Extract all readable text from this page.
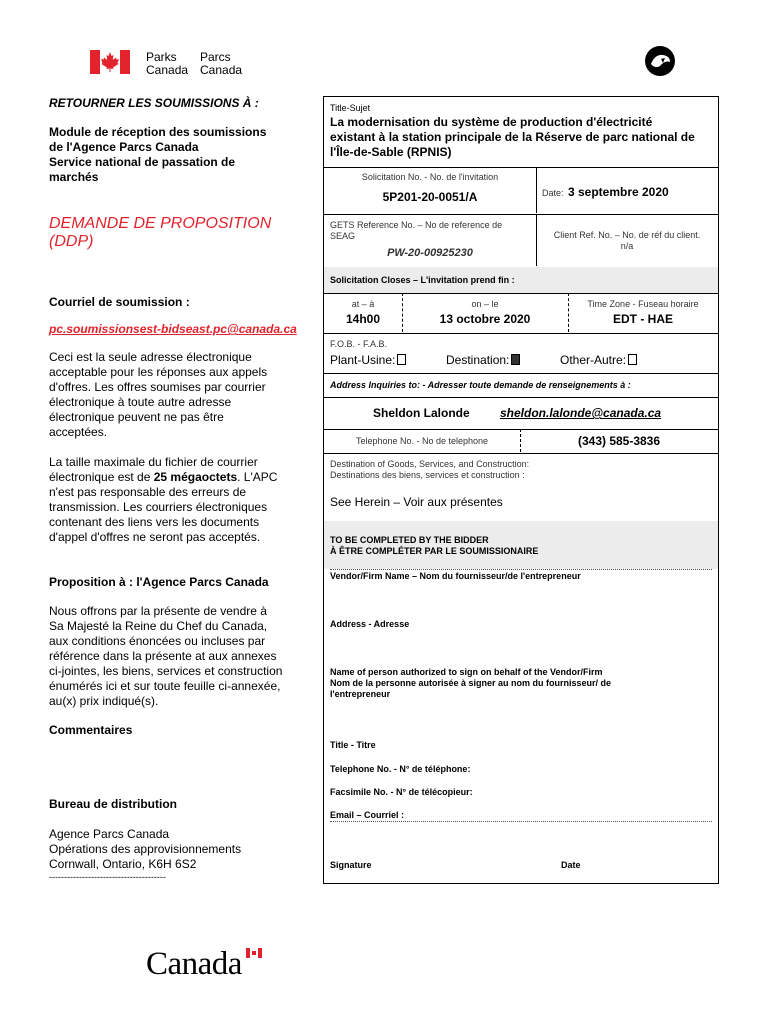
Parks
Canada
Parcs
Canada
RETOURNER LES SOUMISSIONS À :
Module de réception des soumissions
de l'Agence Parcs Canada
Service national de passation de
marchés
DEMANDE DE PROPOSITION
(DDP)
Courriel de soumission :
pc.soumissionsest-bidseast.pc@canada.ca
Ceci est la seule adresse électronique
acceptable pour les réponses aux appels
d'offres. Les offres soumises par courrier
électronique à toute autre adresse
électronique peuvent ne pas être
acceptées.
La taille maximale du fichier de courrier
électronique est de 25 mégaoctets. L'APC
n'est pas responsable des erreurs de
transmission. Les courriers électroniques
contenant des liens vers les documents
d'appel d'offres ne seront pas acceptés.
Proposition à : l'Agence Parcs Canada
Nous offrons par la présente de vendre à
Sa Majesté la Reine du Chef du Canada,
aux conditions énoncées ou incluses par
référence dans la présente at aux annexes
ci-jointes, les biens, services et construction
énumérés ici et sur toute feuille ci-annexée,
au(x) prix indiqué(s).
Commentaires
Bureau de distribution
Agence Parcs Canada
Opérations des approvisionnements
Cornwall, Ontario, K6H 6S2
---------------------------------------
Title-Sujet
La modernisation du système de production d'électricité
existant à la station principale de la Réserve de parc national de
l'Île-de-Sable (RPNIS)
Solicitation No. - No. de l'invitation
5P201-20-0051/A	Date: 3 septembre 2020
GETS Reference No. – No de reference de
SEAG
PW-20-00925230
Client Ref. No. – No. de réf du client.
n/a
Solicitation Closes – L'invitation prend fin :
at – à
14h00
on – le
13 octobre 2020
Time Zone - Fuseau horaire
EDT - HAE
F.O.B. - F.A.B.
Plant-Usine:	Destination:	Other-Autre:
Address Inquiries to: - Adresser toute demande de renseignements à :
Sheldon Lalonde	sheldon.lalonde@canada.ca
Telephone No. - No de telephone	(343) 585-3836
Destination of Goods, Services, and Construction:
Destinations des biens, services et construction :
See Herein – Voir aux présentes
TO BE COMPLETED BY THE BIDDER
À ÊTRE COMPLÉTER PAR LE SOUMISSIONAIRE
Vendor/Firm Name – Nom du fournisseur/de l'entrepreneur
Address - Adresse
Name of person authorized to sign on behalf of the Vendor/Firm
Nom de la personne autorisée à signer au nom du fournisseur/ de
l'entrepreneur
Title - Titre
Telephone No. - N° de téléphone:
Facsimile No. - N° de télécopieur:
Email – Courriel :
Signature	Date
Canada
